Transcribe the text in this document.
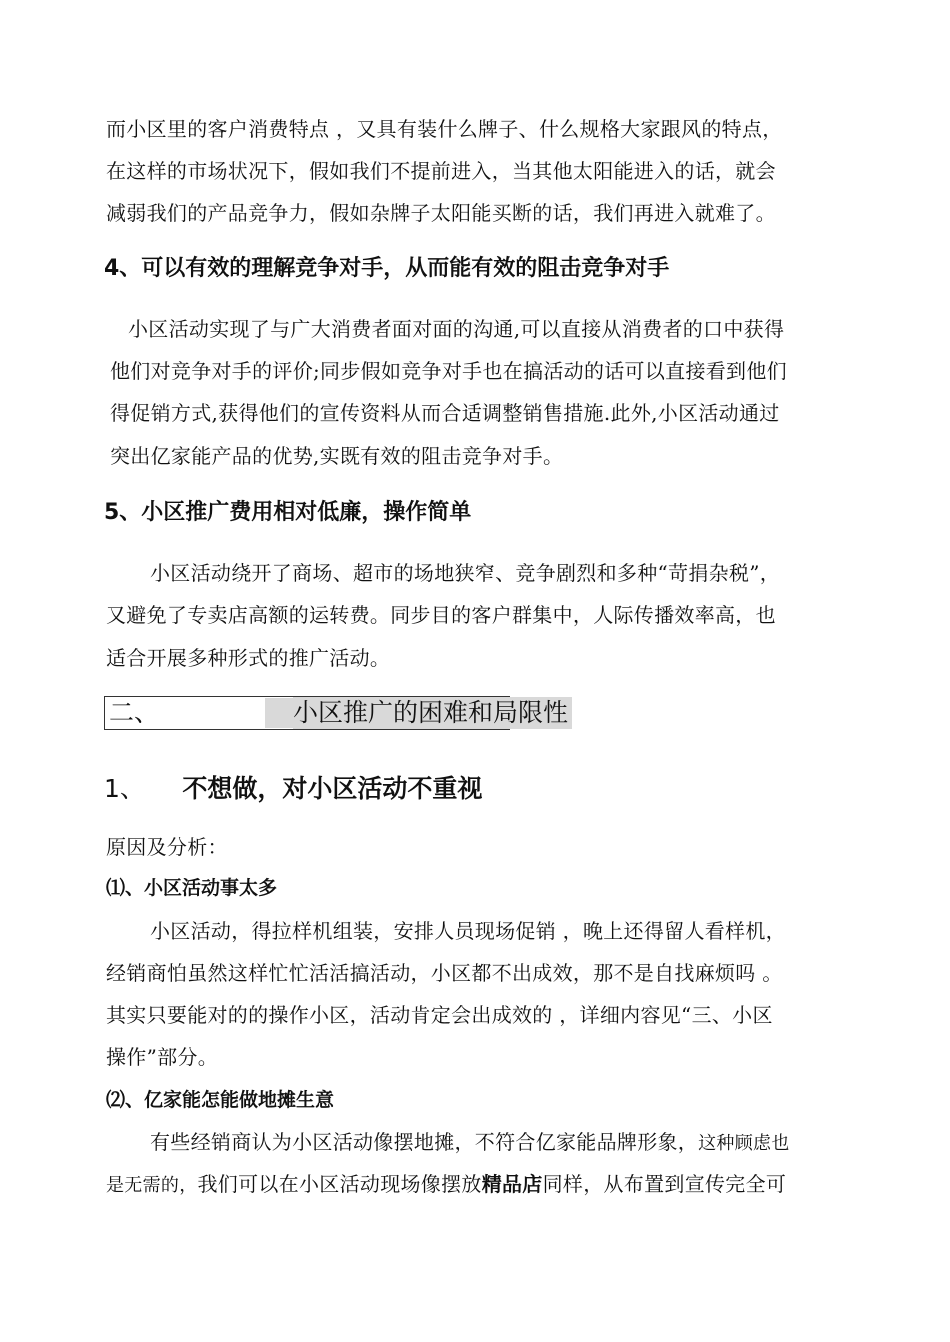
而小区里的客户消费特点 ，又具有装什么牌子、什么规格大家跟风的特点，
在这样的市场状况下，假如我们不提前进入，当其他太阳能进入的话，就会
减弱我们的产品竞争力，假如杂牌子太阳能买断的话，我们再进入就难了。
4、可以有效的理解竞争对手，从而能有效的阻击竞争对手
小区活动实现了与广大消费者面对面的沟通,可以直接从消费者的口中获得
他们对竞争对手的评价;同步假如竞争对手也在搞活动的话可以直接看到他们
得促销方式,获得他们的宣传资料从而合适调整销售措施.此外,小区活动通过
突出亿家能产品的优势,实既有效的阻击竞争对手。
5、小区推广费用相对低廉，操作简单
小区活动绕开了商场、超市的场地狭窄、竞争剧烈和多种“苛捐杂税”，
又避免了专卖店高额的运转费。同步目的客户群集中，人际传播效率高，也
适合开展多种形式的推广活动。
二、	小区推广的困难和局限性
1、 不想做，对小区活动不重视
原因及分析：
⑴、小区活动事太多
小区活动，得拉样机组装，安排人员现场促销 ，晚上还得留人看样机，
经销商怕虽然这样忙忙活活搞活动，小区都不出成效，那不是自找麻烦吗 。
其实只要能对的的操作小区，活动肯定会出成效的 ，详细内容见“三、小区
操作”部分。
⑵、亿家能怎能做地摊生意
有些经销商认为小区活动像摆地摊，不符合亿家能品牌形象，这种顾虑也
是无需的，我们可以在小区活动现场像摆放精品店同样，从布置到宣传完全可
